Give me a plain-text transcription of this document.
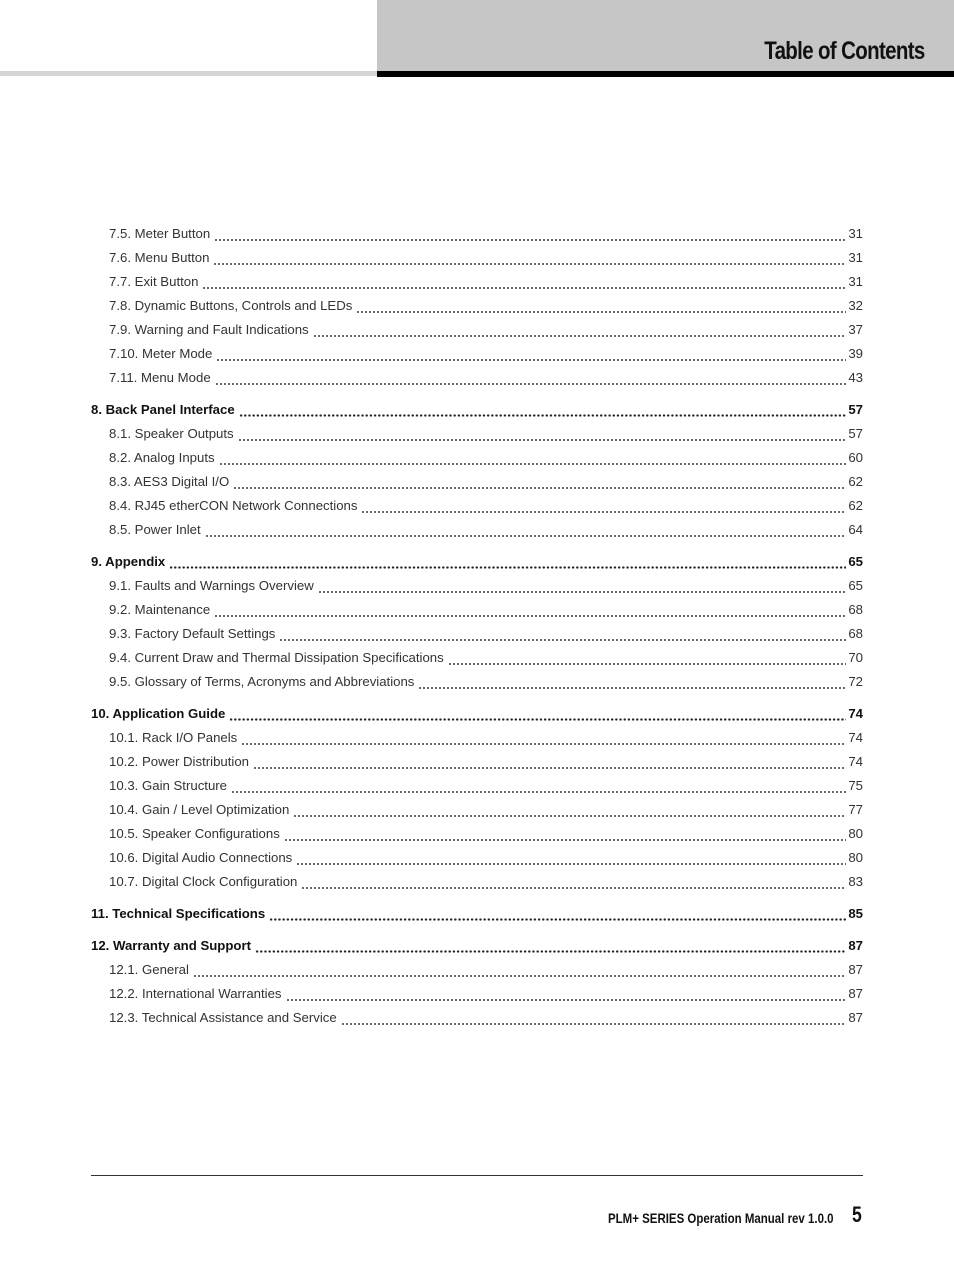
Table of Contents
7.5. Meter Button	31
7.6. Menu Button	31
7.7. Exit Button	31
7.8. Dynamic Buttons, Controls and LEDs	32
7.9. Warning and Fault Indications	37
7.10. Meter Mode	39
7.11. Menu Mode	43
8. Back Panel Interface	57
8.1. Speaker Outputs	57
8.2. Analog Inputs	60
8.3. AES3 Digital I/O	62
8.4. RJ45 etherCON Network Connections	62
8.5. Power Inlet	64
9. Appendix	65
9.1. Faults and Warnings Overview	65
9.2. Maintenance	68
9.3. Factory Default Settings	68
9.4. Current Draw and Thermal Dissipation Specifications	70
9.5. Glossary of Terms, Acronyms and Abbreviations	72
10. Application Guide	74
10.1. Rack I/O Panels	74
10.2. Power Distribution	74
10.3. Gain Structure	75
10.4. Gain / Level Optimization	77
10.5. Speaker Configurations	80
10.6. Digital Audio Connections	80
10.7. Digital Clock Configuration	83
11. Technical Specifications	85
12. Warranty and Support	87
12.1. General	87
12.2. International Warranties	87
12.3. Technical Assistance and Service	87
PLM+ SERIES Operation Manual rev 1.0.0 5
